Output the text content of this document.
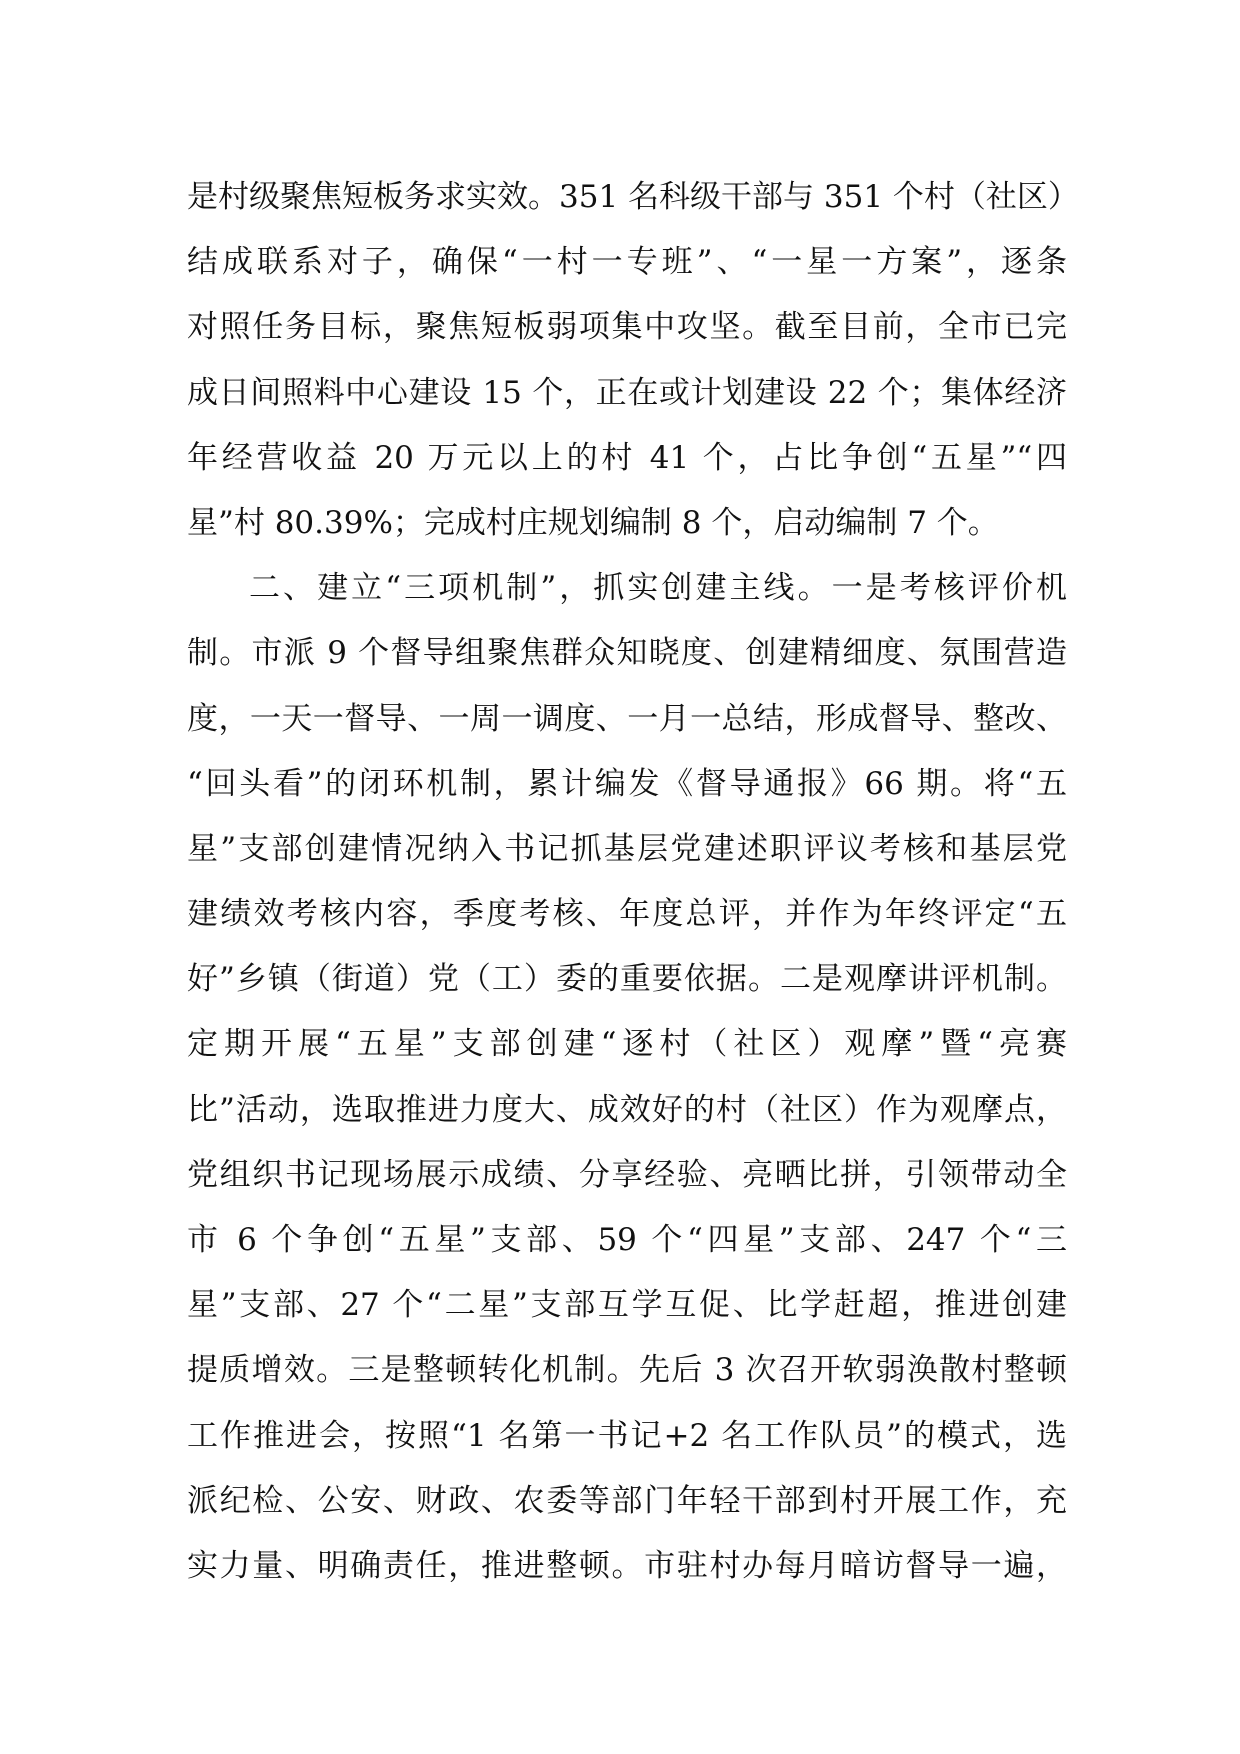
是村级聚焦短板务求实效。351 名科级干部与 351 个村（社区）
结成联系对子，确保“一村一专班”、“一星一方案”，逐条
对照任务目标，聚焦短板弱项集中攻坚。截至目前，全市已完
成日间照料中心建设 15 个，正在或计划建设 22 个；集体经济
年经营收益 20 万元以上的村 41 个，占比争创“五星”“四
星”村 80.39%；完成村庄规划编制 8 个，启动编制 7 个。
二、建立“三项机制”，抓实创建主线。一是考核评价机
制。市派 9 个督导组聚焦群众知晓度、创建精细度、氛围营造
度，一天一督导、一周一调度、一月一总结，形成督导、整改、
“回头看”的闭环机制，累计编发《督导通报》66 期。将“五
星”支部创建情况纳入书记抓基层党建述职评议考核和基层党
建绩效考核内容，季度考核、年度总评，并作为年终评定“五
好”乡镇（街道）党（工）委的重要依据。二是观摩讲评机制。
定期开展“五星”支部创建“逐村（社区）观摩”暨“亮赛
比”活动，选取推进力度大、成效好的村（社区）作为观摩点，
党组织书记现场展示成绩、分享经验、亮晒比拼，引领带动全
市 6 个争创“五星”支部、59 个“四星”支部、247 个“三
星”支部、27 个“二星”支部互学互促、比学赶超，推进创建
提质增效。三是整顿转化机制。先后 3 次召开软弱涣散村整顿
工作推进会，按照“1 名第一书记+2 名工作队员”的模式，选
派纪检、公安、财政、农委等部门年轻干部到村开展工作，充
实力量、明确责任，推进整顿。市驻村办每月暗访督导一遍，
